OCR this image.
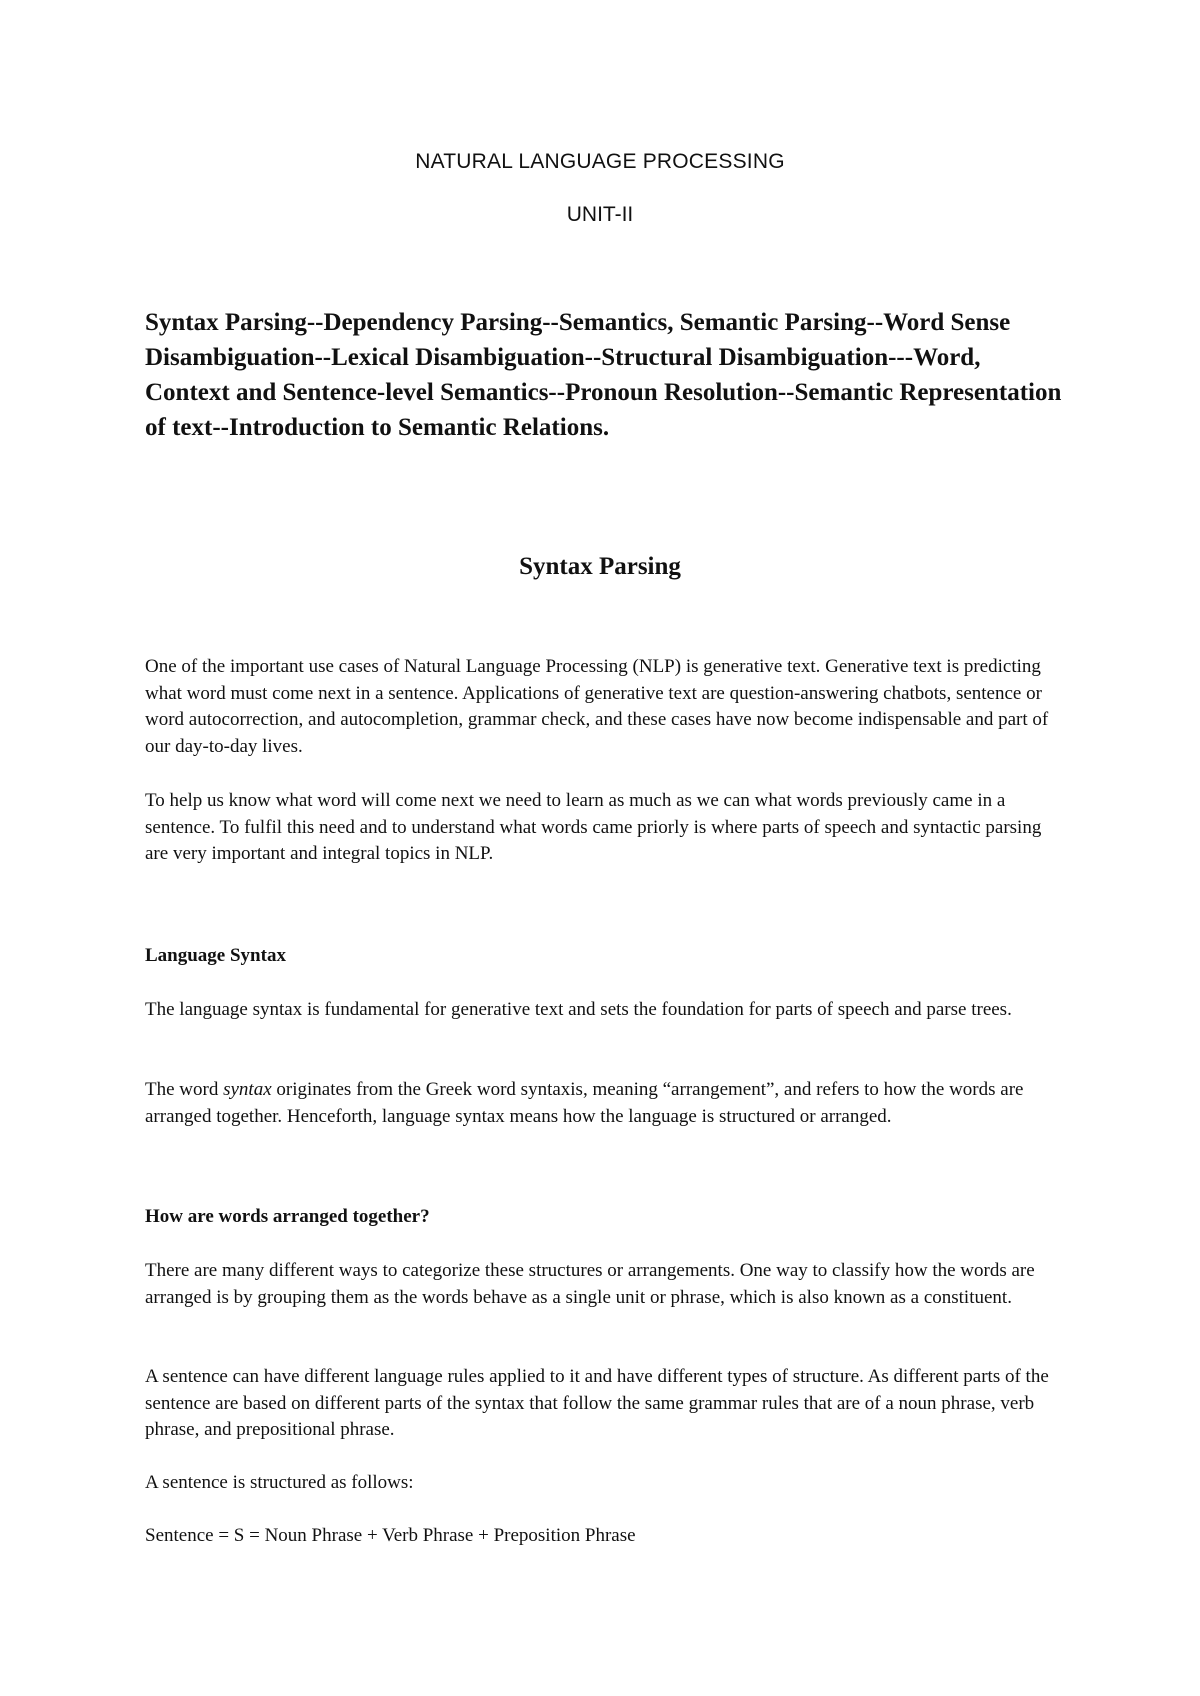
NATURAL LANGUAGE PROCESSING
UNIT-II

Syntax Parsing--Dependency Parsing--Semantics, Semantic Parsing--Word Sense Disambiguation--Lexical Disambiguation--Structural Disambiguation---Word, Context and Sentence-level Semantics--Pronoun Resolution--Semantic Representation of text--Introduction to Semantic Relations.

Syntax Parsing

One of the important use cases of Natural Language Processing (NLP) is generative text. Generative text is predicting what word must come next in a sentence. Applications of generative text are question-answering chatbots, sentence or word autocorrection, and autocompletion, grammar check, and these cases have now become indispensable and part of our day-to-day lives.

To help us know what word will come next we need to learn as much as we can what words previously came in a sentence. To fulfil this need and to understand what words came priorly is where parts of speech and syntactic parsing are very important and integral topics in NLP.

Language Syntax

The language syntax is fundamental for generative text and sets the foundation for parts of speech and parse trees.

The word syntax originates from the Greek word syntaxis, meaning “arrangement”, and refers to how the words are arranged together. Henceforth, language syntax means how the language is structured or arranged.

How are words arranged together?

There are many different ways to categorize these structures or arrangements. One way to classify how the words are arranged is by grouping them as the words behave as a single unit or phrase, which is also known as a constituent.

A sentence can have different language rules applied to it and have different types of structure. As different parts of the sentence are based on different parts of the syntax that follow the same grammar rules that are of a noun phrase, verb phrase, and prepositional phrase.

A sentence is structured as follows:

Sentence = S = Noun Phrase + Verb Phrase + Preposition Phrase
